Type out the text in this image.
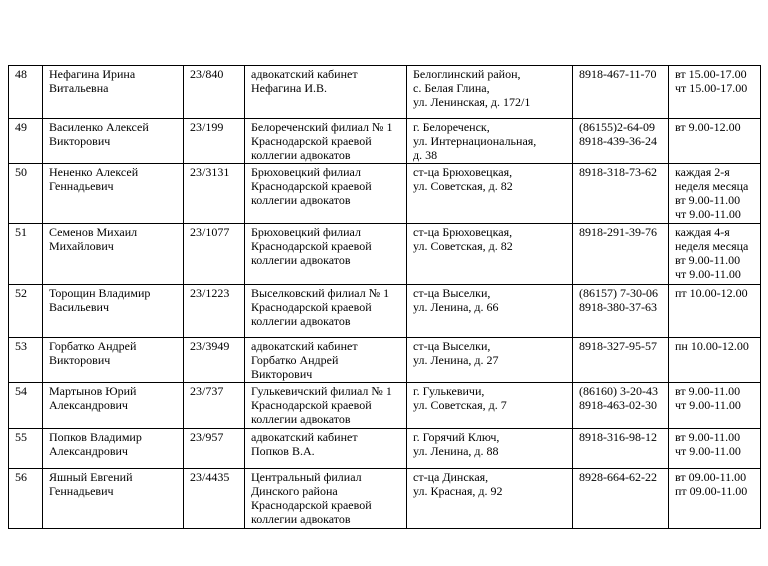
48	Нефагина Ирина
Витальевна	23/840	адвокатский кабинет
Нефагина И.В.	Белоглинский район,
с. Белая Глина,
ул. Ленинская, д. 172/1	8918-467-11-70	вт 15.00-17.00
чт 15.00-17.00

49	Василенко Алексей
Викторович	23/199	Белореченский филиал № 1
Краснодарской краевой
коллегии адвокатов	г. Белореченск,
ул. Интернациональная,
д. 38	(86155)2-64-09
8918-439-36-24	вт 9.00-12.00

50	Нененко Алексей
Геннадьевич	23/3131	Брюховецкий филиал
Краснодарской краевой
коллегии адвокатов	ст-ца Брюховецкая,
ул. Советская, д. 82	8918-318-73-62	каждая 2-я
неделя месяца
вт 9.00-11.00
чт 9.00-11.00

51	Семенов Михаил
Михайлович	23/1077	Брюховецкий филиал
Краснодарской краевой
коллегии адвокатов	ст-ца Брюховецкая,
ул. Советская, д. 82	8918-291-39-76	каждая 4-я
неделя месяца
вт 9.00-11.00
чт 9.00-11.00

52	Торощин Владимир
Васильевич	23/1223	Выселковский филиал № 1
Краснодарской краевой
коллегии адвокатов	ст-ца Выселки,
ул. Ленина, д. 66	(86157) 7-30-06
8918-380-37-63	пт 10.00-12.00

53	Горбатко Андрей
Викторович	23/3949	адвокатский кабинет
Горбатко Андрей
Викторович	ст-ца Выселки,
ул. Ленина, д. 27	8918-327-95-57	пн 10.00-12.00

54	Мартынов Юрий
Александрович	23/737	Гулькевичский филиал № 1
Краснодарской краевой
коллегии адвокатов	г. Гулькевичи,
ул. Советская, д. 7	(86160) 3-20-43
8918-463-02-30	вт 9.00-11.00
чт 9.00-11.00

55	Попков Владимир
Александрович	23/957	адвокатский кабинет
Попков В.А.	г. Горячий Ключ,
ул. Ленина, д. 88	8918-316-98-12	вт 9.00-11.00
чт 9.00-11.00

56	Яшный Евгений
Геннадьевич	23/4435	Центральный филиал
Динского района
Краснодарской краевой
коллегии адвокатов	ст-ца Динская,
ул. Красная, д. 92	8928-664-62-22	вт 09.00-11.00
пт 09.00-11.00
